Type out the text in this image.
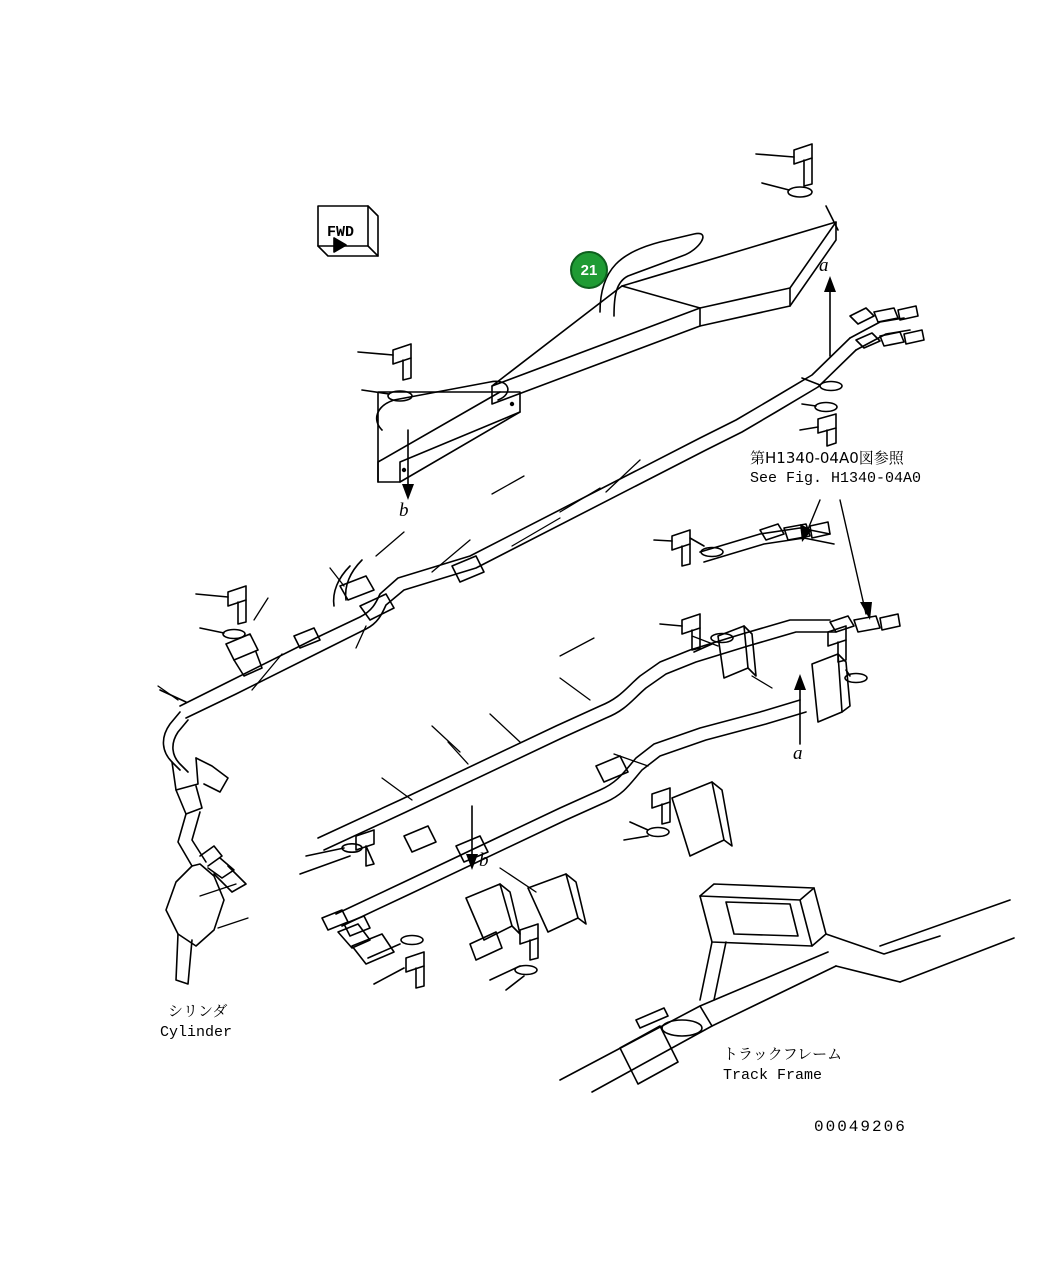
21
FWD
a
b
a
b
第H1340-04A0図参照
See Fig. H1340-04A0
シリンダ
Cylinder
トラックフレーム
Track Frame
00049206
